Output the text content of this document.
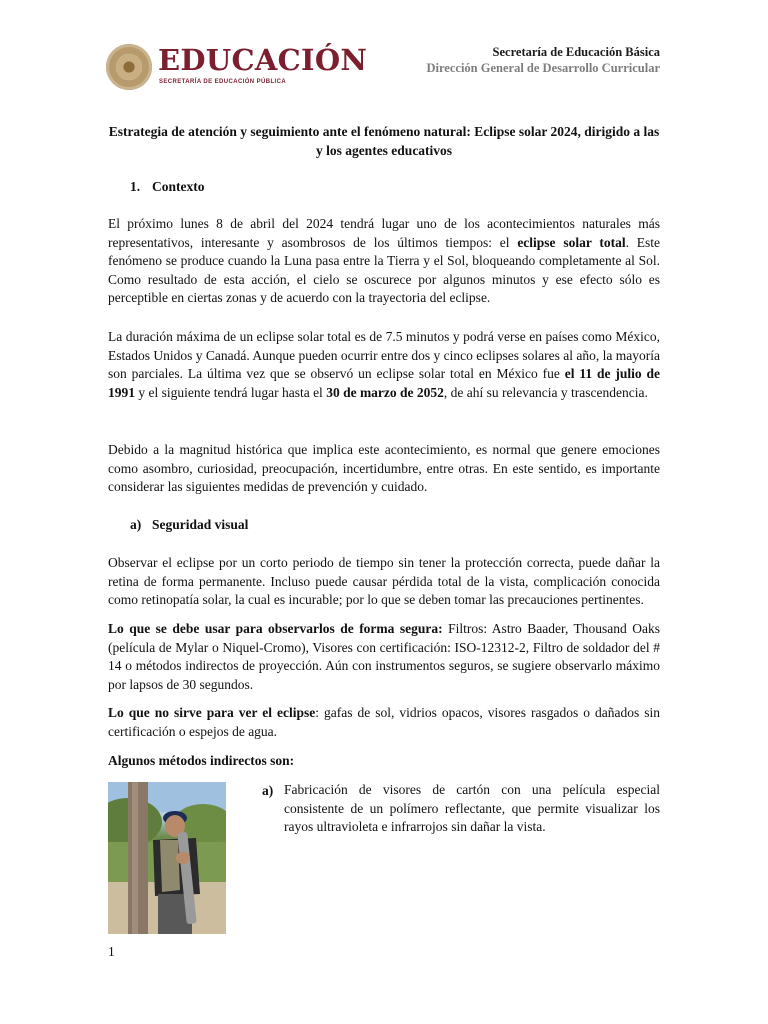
EDUCACIÓN
SECRETARÍA DE EDUCACIÓN PÚBLICA
Secretaría de Educación Básica
Dirección General de Desarrollo Curricular
Estrategia de atención y seguimiento ante el fenómeno natural: Eclipse solar 2024, dirigido a las y los agentes educativos
1. Contexto
El próximo lunes 8 de abril del 2024 tendrá lugar uno de los acontecimientos naturales más representativos, interesante y asombrosos de los últimos tiempos: el eclipse solar total. Este fenómeno se produce cuando la Luna pasa entre la Tierra y el Sol, bloqueando completamente al Sol. Como resultado de esta acción, el cielo se oscurece por algunos minutos y ese efecto sólo es perceptible en ciertas zonas y de acuerdo con la trayectoria del eclipse.
La duración máxima de un eclipse solar total es de 7.5 minutos y podrá verse en países como México, Estados Unidos y Canadá. Aunque pueden ocurrir entre dos y cinco eclipses solares al año, la mayoría son parciales. La última vez que se observó un eclipse solar total en México fue el 11 de julio de 1991 y el siguiente tendrá lugar hasta el 30 de marzo de 2052, de ahí su relevancia y trascendencia.
Debido a la magnitud histórica que implica este acontecimiento, es normal que genere emociones como asombro, curiosidad, preocupación, incertidumbre, entre otras. En este sentido, es importante considerar las siguientes medidas de prevención y cuidado.
a) Seguridad visual
Observar el eclipse por un corto periodo de tiempo sin tener la protección correcta, puede dañar la retina de forma permanente. Incluso puede causar pérdida total de la vista, complicación conocida como retinopatía solar, la cual es incurable; por lo que se deben tomar las precauciones pertinentes.
Lo que se debe usar para observarlos de forma segura: Filtros: Astro Baader, Thousand Oaks (película de Mylar o Niquel-Cromo), Visores con certificación: ISO-12312-2, Filtro de soldador del # 14 o métodos indirectos de proyección. Aún con instrumentos seguros, se sugiere observarlo máximo por lapsos de 30 segundos.
Lo que no sirve para ver el eclipse: gafas de sol, vidrios opacos, visores rasgados o dañados sin certificación o espejos de agua.
Algunos métodos indirectos son:
a) Fabricación de visores de cartón con una película especial consistente de un polímero reflectante, que permite visualizar los rayos ultravioleta e infrarrojos sin dañar la vista.
1
